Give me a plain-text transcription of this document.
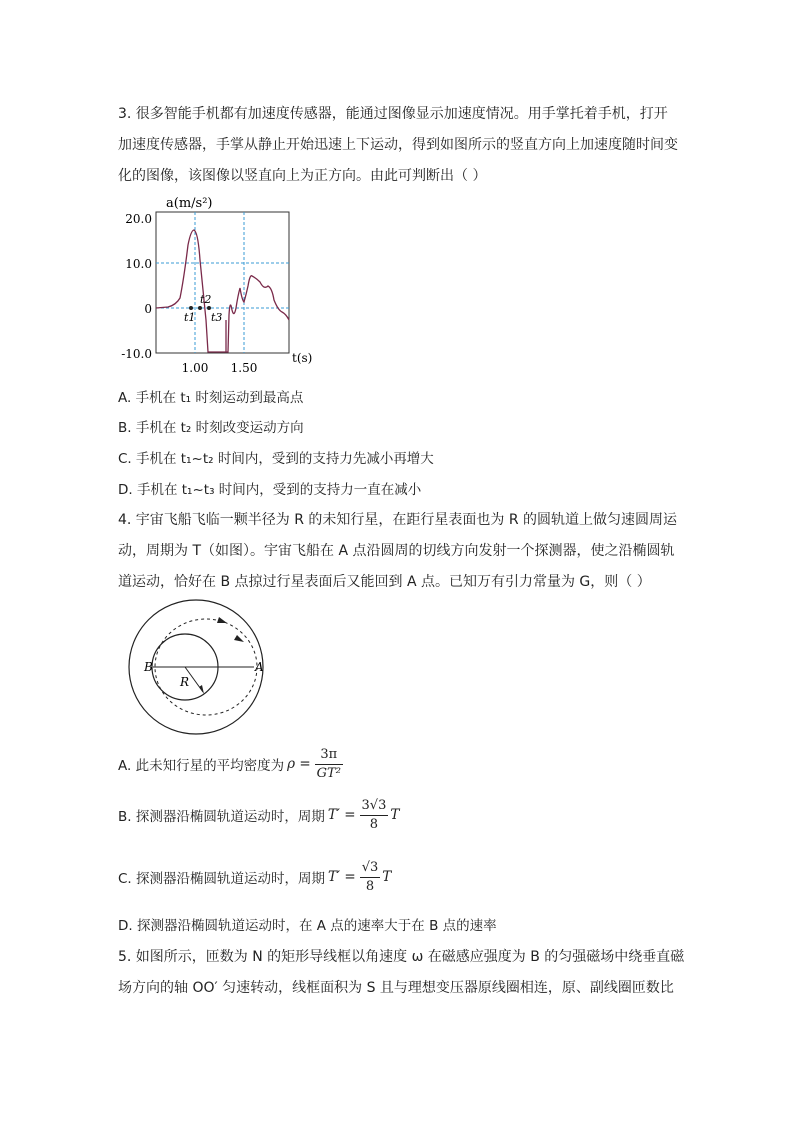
3. 很多智能手机都有加速度传感器，能通过图像显示加速度情况。用手掌托着手机，打开
加速度传感器，手掌从静止开始迅速上下运动，得到如图所示的竖直方向上加速度随时间变
化的图像，该图像以竖直向上为正方向。由此可判断出（ ）
a(m/s²)
20.0
10.0
0
-10.0
1.00 1.50
t(s)
t1
t2
t3
A. 手机在 t₁ 时刻运动到最高点
B. 手机在 t₂ 时刻改变运动方向
C. 手机在 t₁~t₂ 时间内，受到的支持力先减小再增大
D. 手机在 t₁~t₃ 时间内，受到的支持力一直在减小
4. 宇宙飞船飞临一颗半径为 R 的未知行星，在距行星表面也为 R 的圆轨道上做匀速圆周运
动，周期为 T（如图）。宇宙飞船在 A 点沿圆周的切线方向发射一个探测器，使之沿椭圆轨
道运动，恰好在 B 点掠过行星表面后又能回到 A 点。已知万有引力常量为 G，则（ ）
B	A
R
A. 此未知行星的平均密度为 $\rho = \frac{3\pi}{\text{GT²}}$
B. 探测器沿椭圆轨道运动时，周期 $T' = \frac{3√3}{8}$ T
C. 探测器沿椭圆轨道运动时，周期 $T' = \frac{√3}{8}$ T
D. 探测器沿椭圆轨道运动时，在 A 点的速率大于在 B 点的速率
5. 如图所示，匝数为 N 的矩形导线框以角速度 ω 在磁感应强度为 B 的匀强磁场中绕垂直磁
场方向的轴 OO′ 匀速转动，线框面积为 S 且与理想变压器原线圈相连，原、副线圈匝数比
